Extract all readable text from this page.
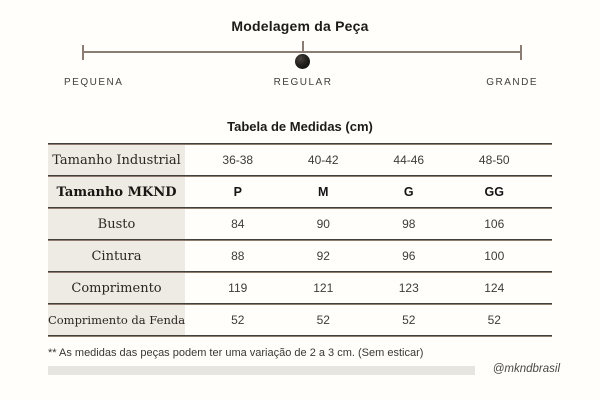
Modelagem da Peça
PEQUENA	REGULAR	GRANDE
Tabela de Medidas (cm)
Tamanho Industrial	36-38	40-42	44-46	48-50
Tamanho MKND	P	M	G	GG
Busto	84	90	98	106
Cintura	88	92	96	100
Comprimento	119	121	123	124
Comprimento da Fenda	52	52	52	52
** As medidas das peças podem ter uma variação de 2 a 3 cm. (Sem esticar)
@mkndbrasil
